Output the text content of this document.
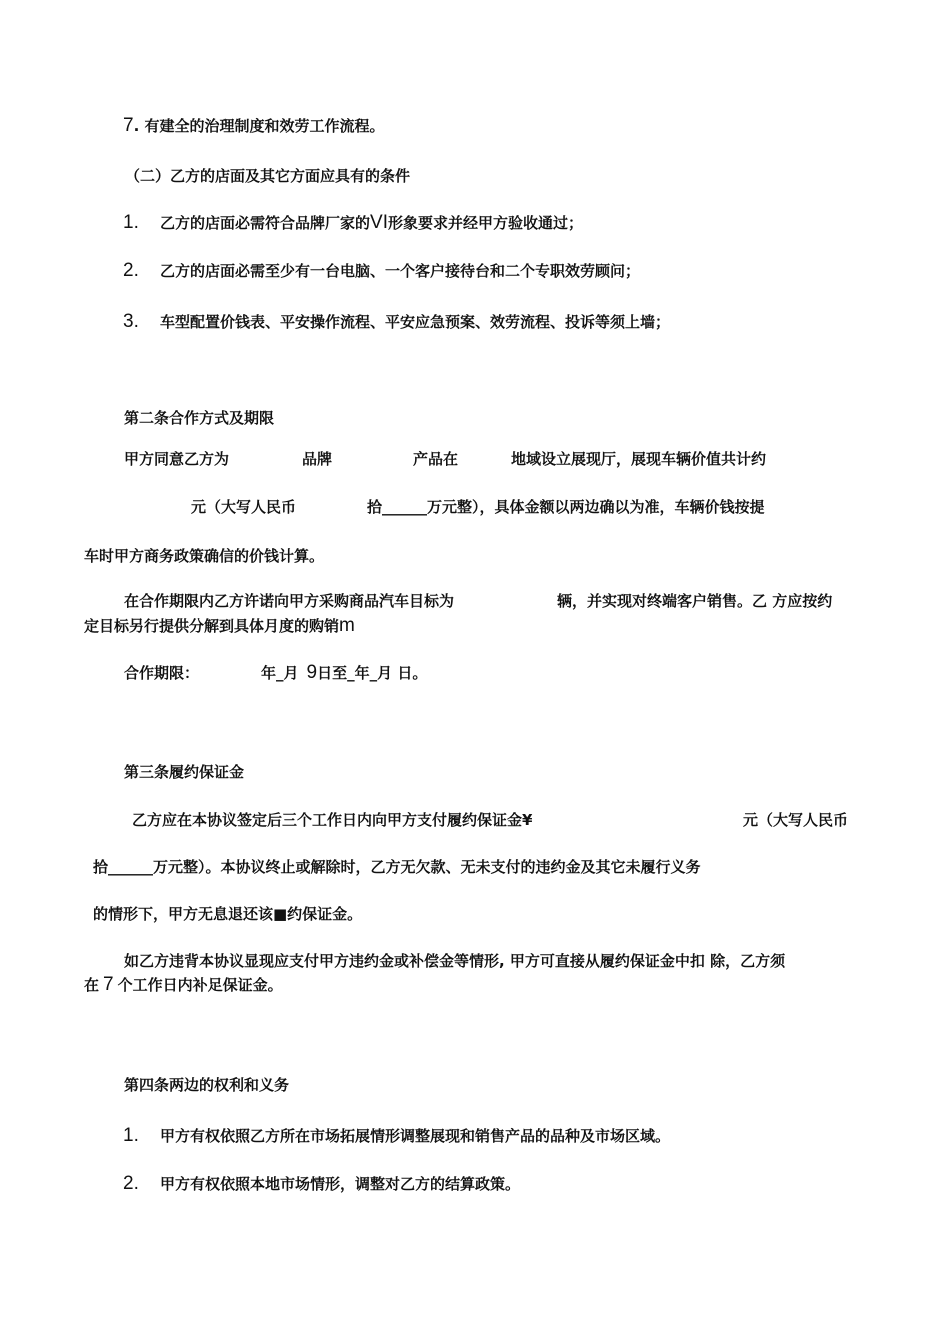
7. 有建全的治理制度和效劳工作流程。
（二）乙方的店面及其它方面应具有的条件
1. 乙方的店面必需符合品牌厂家的VI形象要求并经甲方验收通过；
2. 乙方的店面必需至少有一台电脑、一个客户接待台和二个专职效劳顾问；
3. 车型配置价钱表、平安操作流程、平安应急预案、效劳流程、投诉等须上墙；
第二条合作方式及期限
甲方同意乙方为	品牌	产品在	地域设立展现厅，展现车辆价值共计约
元（大写人民币	拾______万元整），具体金额以两边确以为准，车辆价钱按提
车时甲方商务政策确信的价钱计算。
在合作期限内乙方许诺向甲方采购商品汽车目标为	辆，并实现对终端客户销售。乙 方应按约
定目标另行提供分解到具体月度的购销m
合作期限：	年_月 9日至_年_月 日。
第三条履约保证金
乙方应在本协议签定后三个工作日内向甲方支付履约保证金¥	元（大写人民币
拾______万元整）。本协议终止或解除时，乙方无欠款、无未支付的违约金及其它未履行义务
的情形下，甲方无息退还该■约保证金。
如乙方违背本协议显现应支付甲方违约金或补偿金等情形, 甲方可直接从履约保证金中扣 除，乙方须
在 7 个工作日内补足保证金。
第四条两边的权利和义务
1. 甲方有权依照乙方所在市场拓展情形调整展现和销售产品的品种及市场区域。
2. 甲方有权依照本地市场情形，调整对乙方的结算政策。
